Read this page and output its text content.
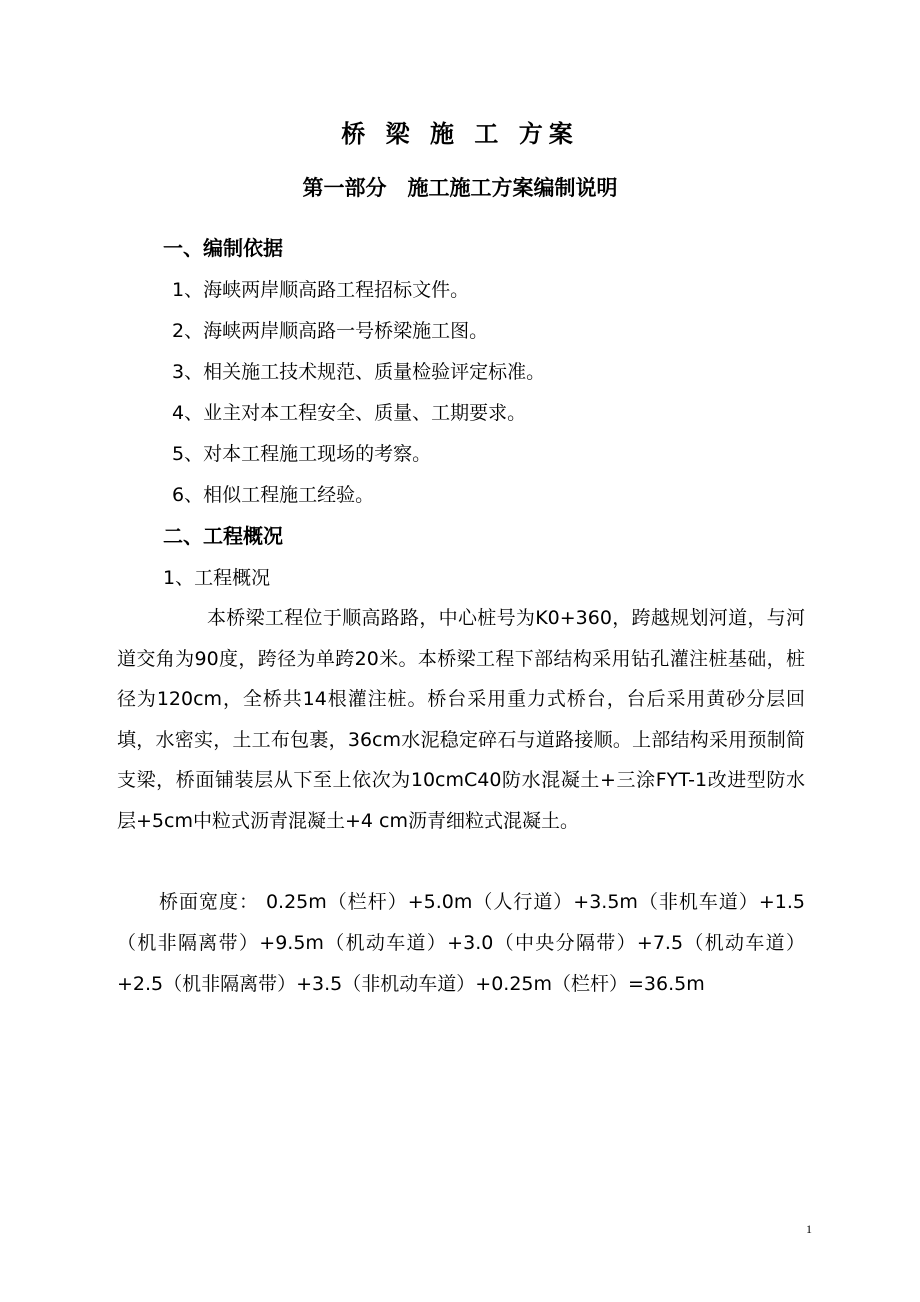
桥 梁 施 工 方案
第一部分　施工施工方案编制说明
一、编制依据
1、海峡两岸顺高路工程招标文件。
2、海峡两岸顺高路一号桥梁施工图。
3、相关施工技术规范、质量检验评定标准。
4、业主对本工程安全、质量、工期要求。
5、对本工程施工现场的考察。
6、相似工程施工经验。
二、工程概况
1、工程概况
本桥梁工程位于顺高路路，中心桩号为K0+360，跨越规划河道，与河道交角为90度，跨径为单跨20米。本桥梁工程下部结构采用钻孔灌注桩基础，桩径为120cm，全桥共14根灌注桩。桥台采用重力式桥台，台后采用黄砂分层回填，水密实，土工布包裹，36cm水泥稳定碎石与道路接顺。上部结构采用预制简支梁，桥面铺装层从下至上依次为10cmC40防水混凝土+三涂FYT-1改进型防水层+5cm中粒式沥青混凝土+4 cm沥青细粒式混凝土。
桥面宽度： 0.25m（栏杆）+5.0m（人行道）+3.5m（非机车道）+1.5（机非隔离带）+9.5m（机动车道）+3.0（中央分隔带）+7.5（机动车道）+2.5（机非隔离带）+3.5（非机动车道）+0.25m（栏杆）=36.5m
1
